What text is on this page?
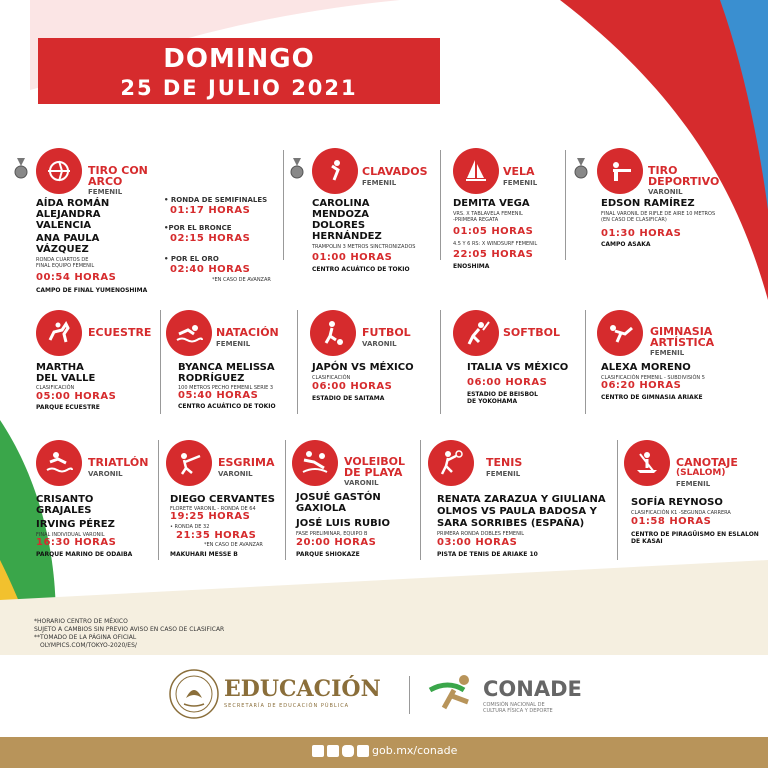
DOMINGO
25 DE JULIO 2021
TIRO CON
ARCO
FEMENIL
AÍDA ROMÁN
ALEJANDRA
VALENCIA
ANA PAULA
VÁZQUEZ
RONDA CUARTOS DE
FINAL EQUIPO FEMENIL
00:54 HORAS
CAMPO DE FINAL YUMENOSHIMA
• RONDA DE SEMIFINALES
01:17 HORAS
•POR EL BRONCE
02:15 HORAS
• POR EL ORO
02:40 HORAS
*EN CASO DE AVANZAR
CLAVADOS
FEMENIL
CAROLINA
MENDOZA
DOLORES
HERNÁNDEZ
TRAMPOLIN 3 METROS SINCTRONIZADOS
01:00 HORAS
CENTRO ACUÁTICO DE TOKIO
VELA
FEMENIL
DEMITA VEGA
VRS. X TABLAVELA FEMENIL
-PRIMERA REGATA
01:05 HORAS
4.5 Y 6 RS: X WINDSURF FEMENIL
22:05 HORAS
ENOSHIMA
TIRO
DEPORTIVO
VARONIL
EDSON RAMÍREZ
FINAL VARONIL DE RIFLE DE AIRE 10 METROS
(EN CASO DE CLASIFICAR)
01:30 HORAS
CAMPO ASAKA
ECUESTRE
MARTHA
DEL VALLE
CLASIFICACIÓN
05:00 HORAS
PARQUE ECUESTRE
NATACIÓN
FEMENIL
BYANCA MELISSA
RODRÍGUEZ
100 METROS PECHO FEMENIL SERIE 3
05:40 HORAS
CENTRO ACUÁTICO DE TOKIO
FUTBOL
VARONIL
JAPÓN VS MÉXICO
CLASIFICACIÓN
06:00 HORAS
ESTADIO DE SAITAMA
SOFTBOL
ITALIA VS MÉXICO
06:00 HORAS
ESTADIO DE BEISBOL
DE YOKOHAMA
GIMNASIA
ARTÍSTICA
FEMENIL
ALEXA MORENO
CLASIFICACIÓN FEMENIL - SUBDIVISIÓN 5
06:20 HORAS
CENTRO DE GIMNASIA ARIAKE
TRIATLÓN
VARONIL
CRISANTO
GRAJALES
IRVING PÉREZ
FINAL INDIVIDUAL VARONIL
16:30 HORAS
PARQUE MARINO DE ODAIBA
ESGRIMA
VARONIL
DIEGO CERVANTES
FLORETE VARONIL - RONDA DE 64
19:25 HORAS
• RONDA DE 32
21:35 HORAS
*EN CASO DE AVANZAR
MAKUHARI MESSE B
VOLEIBOL
DE PLAYA
VARONIL
JOSUÉ GASTÓN
GAXIOLA
JOSÉ LUIS RUBIO
FASE PRELIMINAR, EQUIPO B
20:00 HORAS
PARQUE SHIOKAZE
TENIS
FEMENIL
RENATA ZARAZUA Y GIULIANA
OLMOS VS PAULA BADOSA Y
SARA SORRIBES (ESPAÑA)
PRIMERA RONDA DOBLES FEMENIL
03:00 HORAS
PISTA DE TENIS DE ARIAKE 10
CANOTAJE
(SLALOM)
FEMENIL
SOFÍA REYNOSO
CLASIFICACIÓN K1 -SEGUNDA CARRERA
01:58 HORAS
CENTRO DE PIRAGÜISMO EN ESLALON
DE KASAI
*HORARIO CENTRO DE MÉXICO
SUJETO A CAMBIOS SIN PREVIO AVISO EN CASO DE CLASIFICAR
**TOMADO DE LA PÁGINA OFICIAL
OLYMPICS.COM/TOKYO-2020/ES/
EDUCACIÓN
SECRETARÍA DE EDUCACIÓN PÚBLICA
CONADE
COMISIÓN NACIONAL DE
CULTURA FÍSICA Y DEPORTE
gob.mx/conade
